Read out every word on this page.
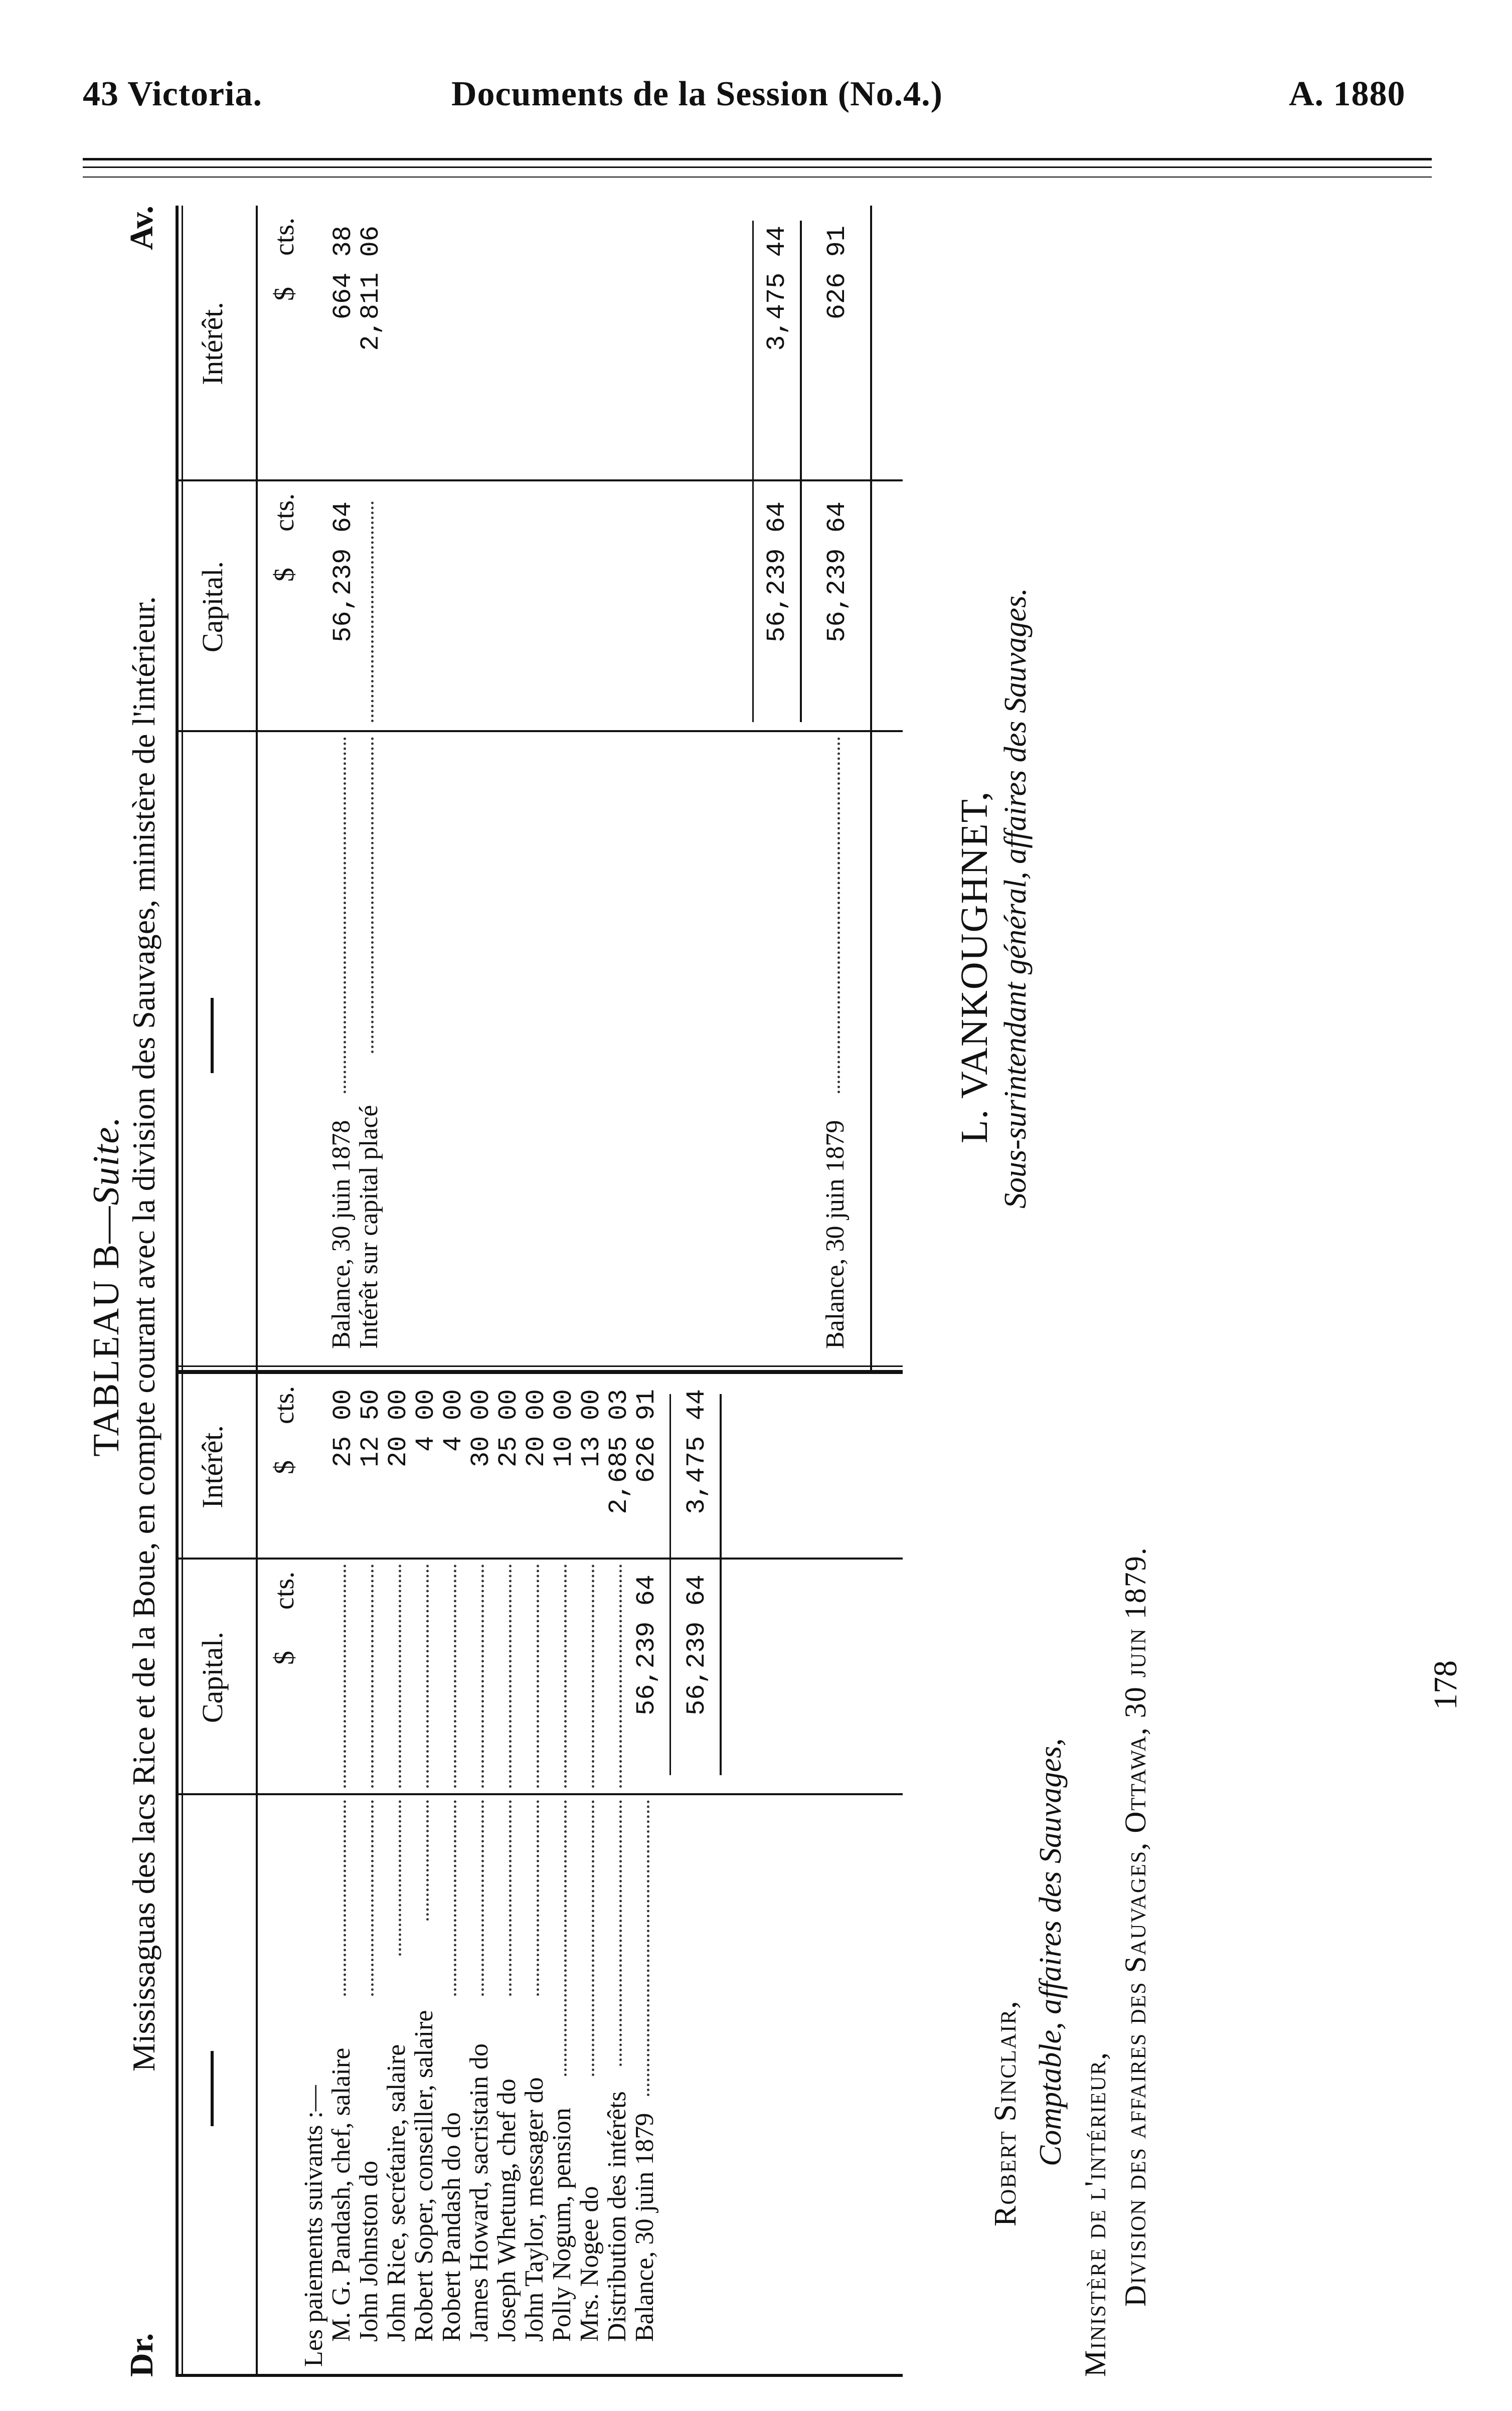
43 Victoria.	Documents de la Session (No.4.)	A. 1880
TABLEAU B—Suite.
Dr.
Mississaguas des lacs Rice et de la Boue, en compte courant avec la division des Sauvages, ministère de l'intérieur.
Av.
Capital.
Intérêt.
$
cts.
$
cts.
Capital.
Intérêt.
$
cts.
$
cts.
Les paiements suivants :—
M. G. Pandash, chef, salaire
25 00
John Johnston do
12 50
John Rice, secrétaire, salaire
20 00
Robert Soper, conseiller, salaire
4 00
Robert Pandash do do
4 00
James Howard, sacristain do
30 00
Joseph Whetung, chef do
25 00
John Taylor, messager do
20 00
Polly Nogum, pension
10 00
Mrs. Nogee do
13 00
Distribution des intérêts
2,685 03
Balance, 30 juin 1879
56,239 64
626 91
56,239 64
3,475 44
Balance, 30 juin 1878
56,239 64
664 38
Intérêt sur capital placé
2,811 06
56,239 64
3,475 44
Balance, 30 juin 1879
56,239 64
626 91
178
Robert Sinclair, Comptable, affaires des Sauvages,
Ministère de l'intérieur, Division des affaires des Sauvages, Ottawa, 30 juin 1879.
L. VANKOUGHNET, Sous-surintendant général, affaires des Sauvages.
